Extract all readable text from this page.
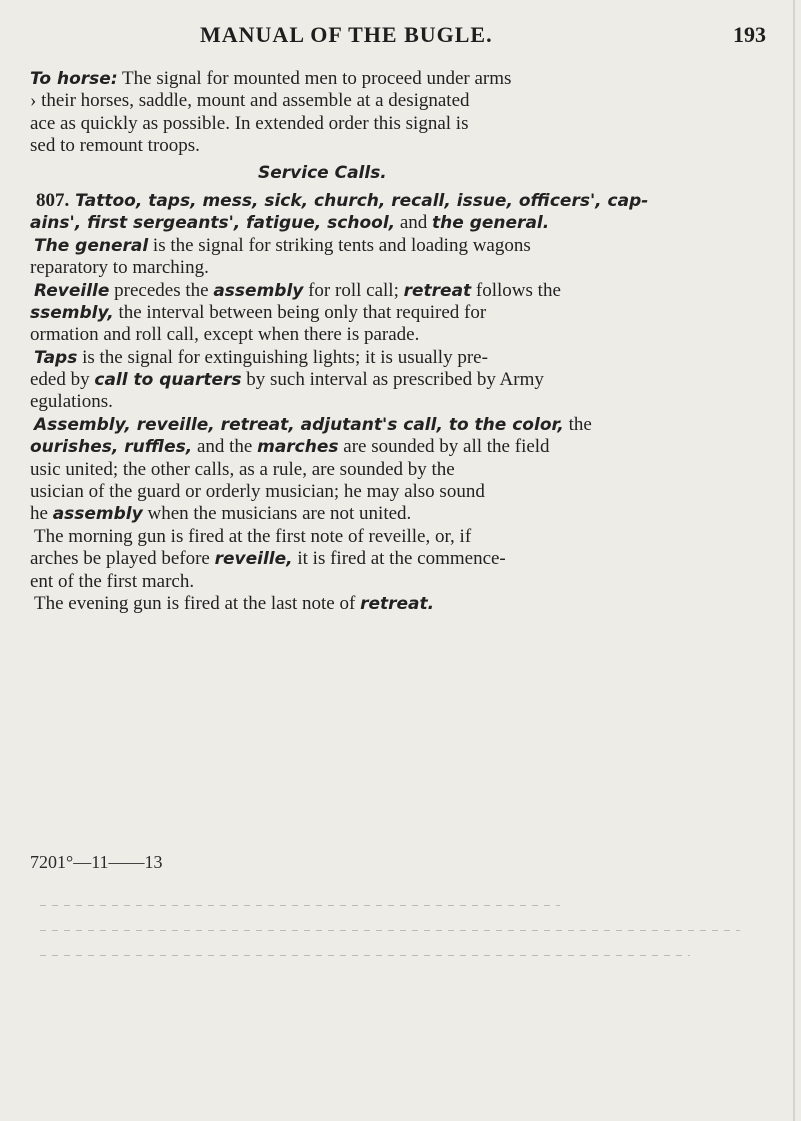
MANUAL OF THE BUGLE.	193
To horse: The signal for mounted men to proceed under arms
› their horses, saddle, mount and assemble at a designated
ace as quickly as possible. In extended order this signal is
sed to remount troops.
Service Calls.
807. Tattoo, taps, mess, sick, church, recall, issue, officers', cap-
ains', first sergeants', fatigue, school, and the general.
The general is the signal for striking tents and loading wagons
reparatory to marching.
Reveille precedes the assembly for roll call; retreat follows the
ssembly, the interval between being only that required for
ormation and roll call, except when there is parade.
Taps is the signal for extinguishing lights; it is usually pre-
eded by call to quarters by such interval as prescribed by Army
egulations.
Assembly, reveille, retreat, adjutant's call, to the color, the
ourishes, ruffles, and the marches are sounded by all the field
usic united; the other calls, as a rule, are sounded by the
usician of the guard or orderly musician; he may also sound
he assembly when the musicians are not united.
The morning gun is fired at the first note of reveille, or, if
arches be played before reveille, it is fired at the commence-
ent of the first march.
The evening gun is fired at the last note of retreat.
7201°—11——13
